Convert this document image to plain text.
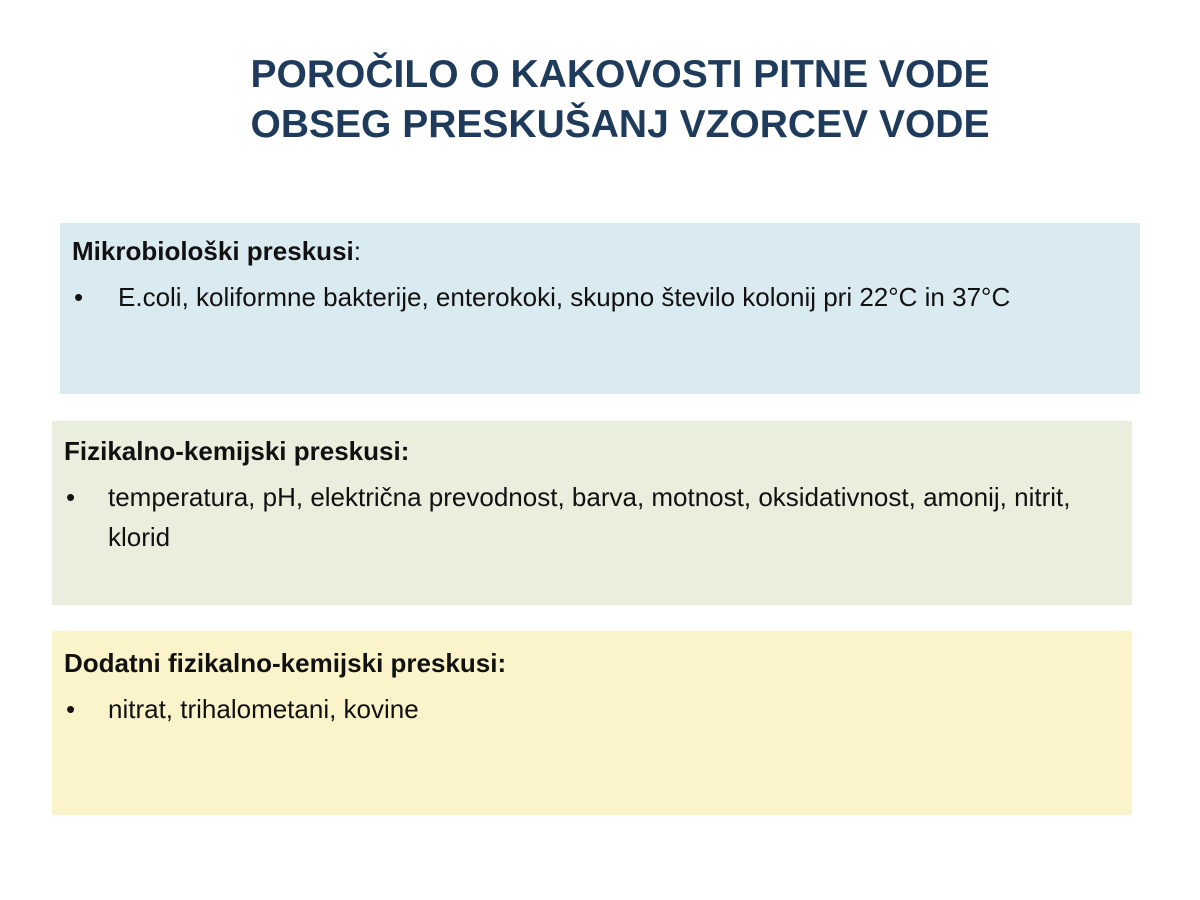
POROČILO O KAKOVOSTI PITNE VODE
OBSEG PRESKUŠANJ VZORCEV VODE

Mikrobiološki preskusi:

•	E.coli, koliformne bakterije, enterokoki, skupno število kolonij pri 22°C in 37°C

Fizikalno-kemijski preskusi:

•	temperatura, pH, električna prevodnost, barva, motnost, oksidativnost, amonij, nitrit, klorid

Dodatni fizikalno-kemijski preskusi:

•	nitrat, trihalometani, kovine
